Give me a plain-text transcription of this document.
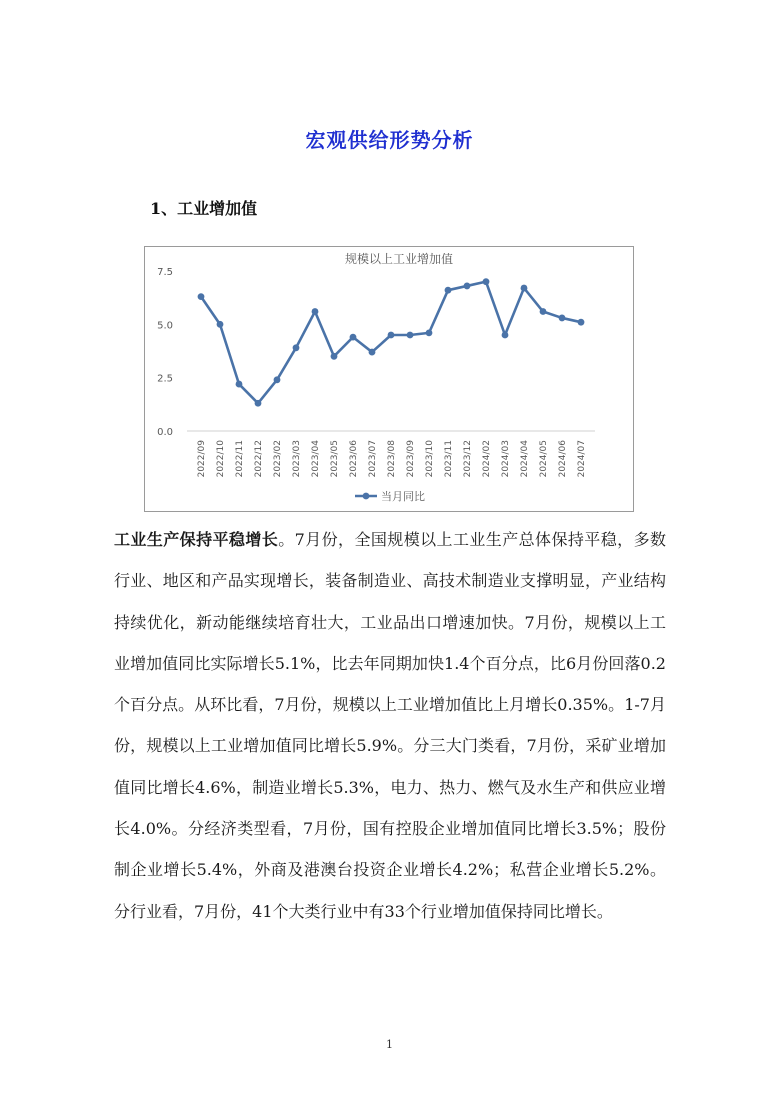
宏观供给形势分析
1、工业增加值
规模以上工业增加值
0.0
2.5
5.0
7.5
2022/09 2022/10 2022/11 2022/12 2023/02 2023/03 2023/04 2023/05 2023/06 2023/07 2023/08 2023/09 2023/10 2023/11 2023/12 2024/02 2024/03 2024/04 2024/05 2024/06 2024/07
当月同比
工业生产保持平稳增长。7月份，全国规模以上工业生产总体保持平稳，多数行业、地区和产品实现增长，装备制造业、高技术制造业支撑明显，产业结构持续优化，新动能继续培育壮大，工业品出口增速加快。7月份，规模以上工业增加值同比实际增长5.1%，比去年同期加快1.4个百分点，比6月份回落0.2个百分点。从环比看，7月份，规模以上工业增加值比上月增长0.35%。1-7月份，规模以上工业增加值同比增长5.9%。分三大门类看，7月份，采矿业增加值同比增长4.6%，制造业增长5.3%，电力、热力、燃气及水生产和供应业增长4.0%。分经济类型看，7月份，国有控股企业增加值同比增长3.5%；股份制企业增长5.4%，外商及港澳台投资企业增长4.2%；私营企业增长5.2%。分行业看，7月份，41个大类行业中有33个行业增加值保持同比增长。
1
